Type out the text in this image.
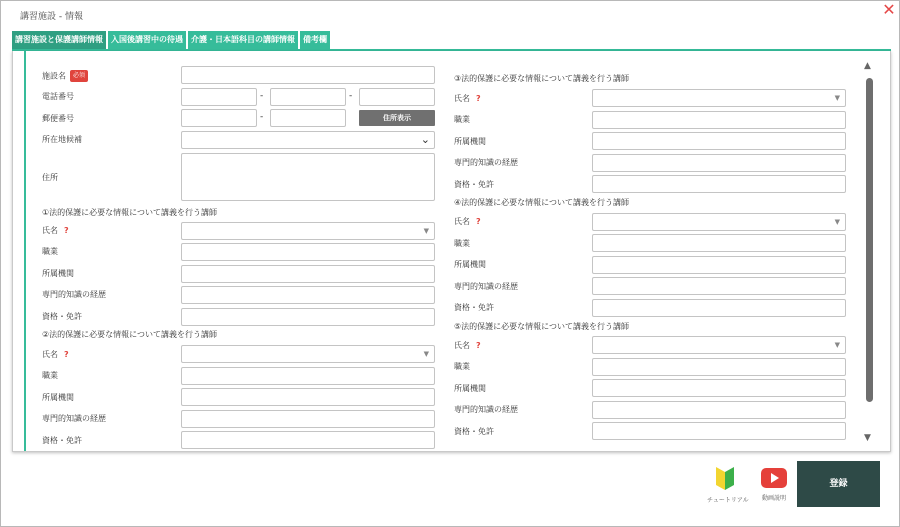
講習施設 - 情報	✕
講習施設と保護講師情報	入国後講習中の待遇	介護・日本語科目の講師情報	備考欄
施設名 必須
電話番号	-	-
郵便番号	-	住所表示
所在地候補	⌄
住所
①法的保護に必要な情報について講義を行う講師
氏名 ?	▼
職業
所属機関
専門的知識の経歴
資格・免許
②法的保護に必要な情報について講義を行う講師
氏名 ?	▼
職業
所属機関
専門的知識の経歴
資格・免許
③法的保護に必要な情報について講義を行う講師
氏名 ?	▼
職業
所属機関
専門的知識の経歴
資格・免許
④法的保護に必要な情報について講義を行う講師
氏名 ?	▼
職業
所属機関
専門的知識の経歴
資格・免許
⑤法的保護に必要な情報について講義を行う講師
氏名 ?	▼
職業
所属機関
専門的知識の経歴
資格・免許
▲
▼
チュートリアル	動画説明
登録
